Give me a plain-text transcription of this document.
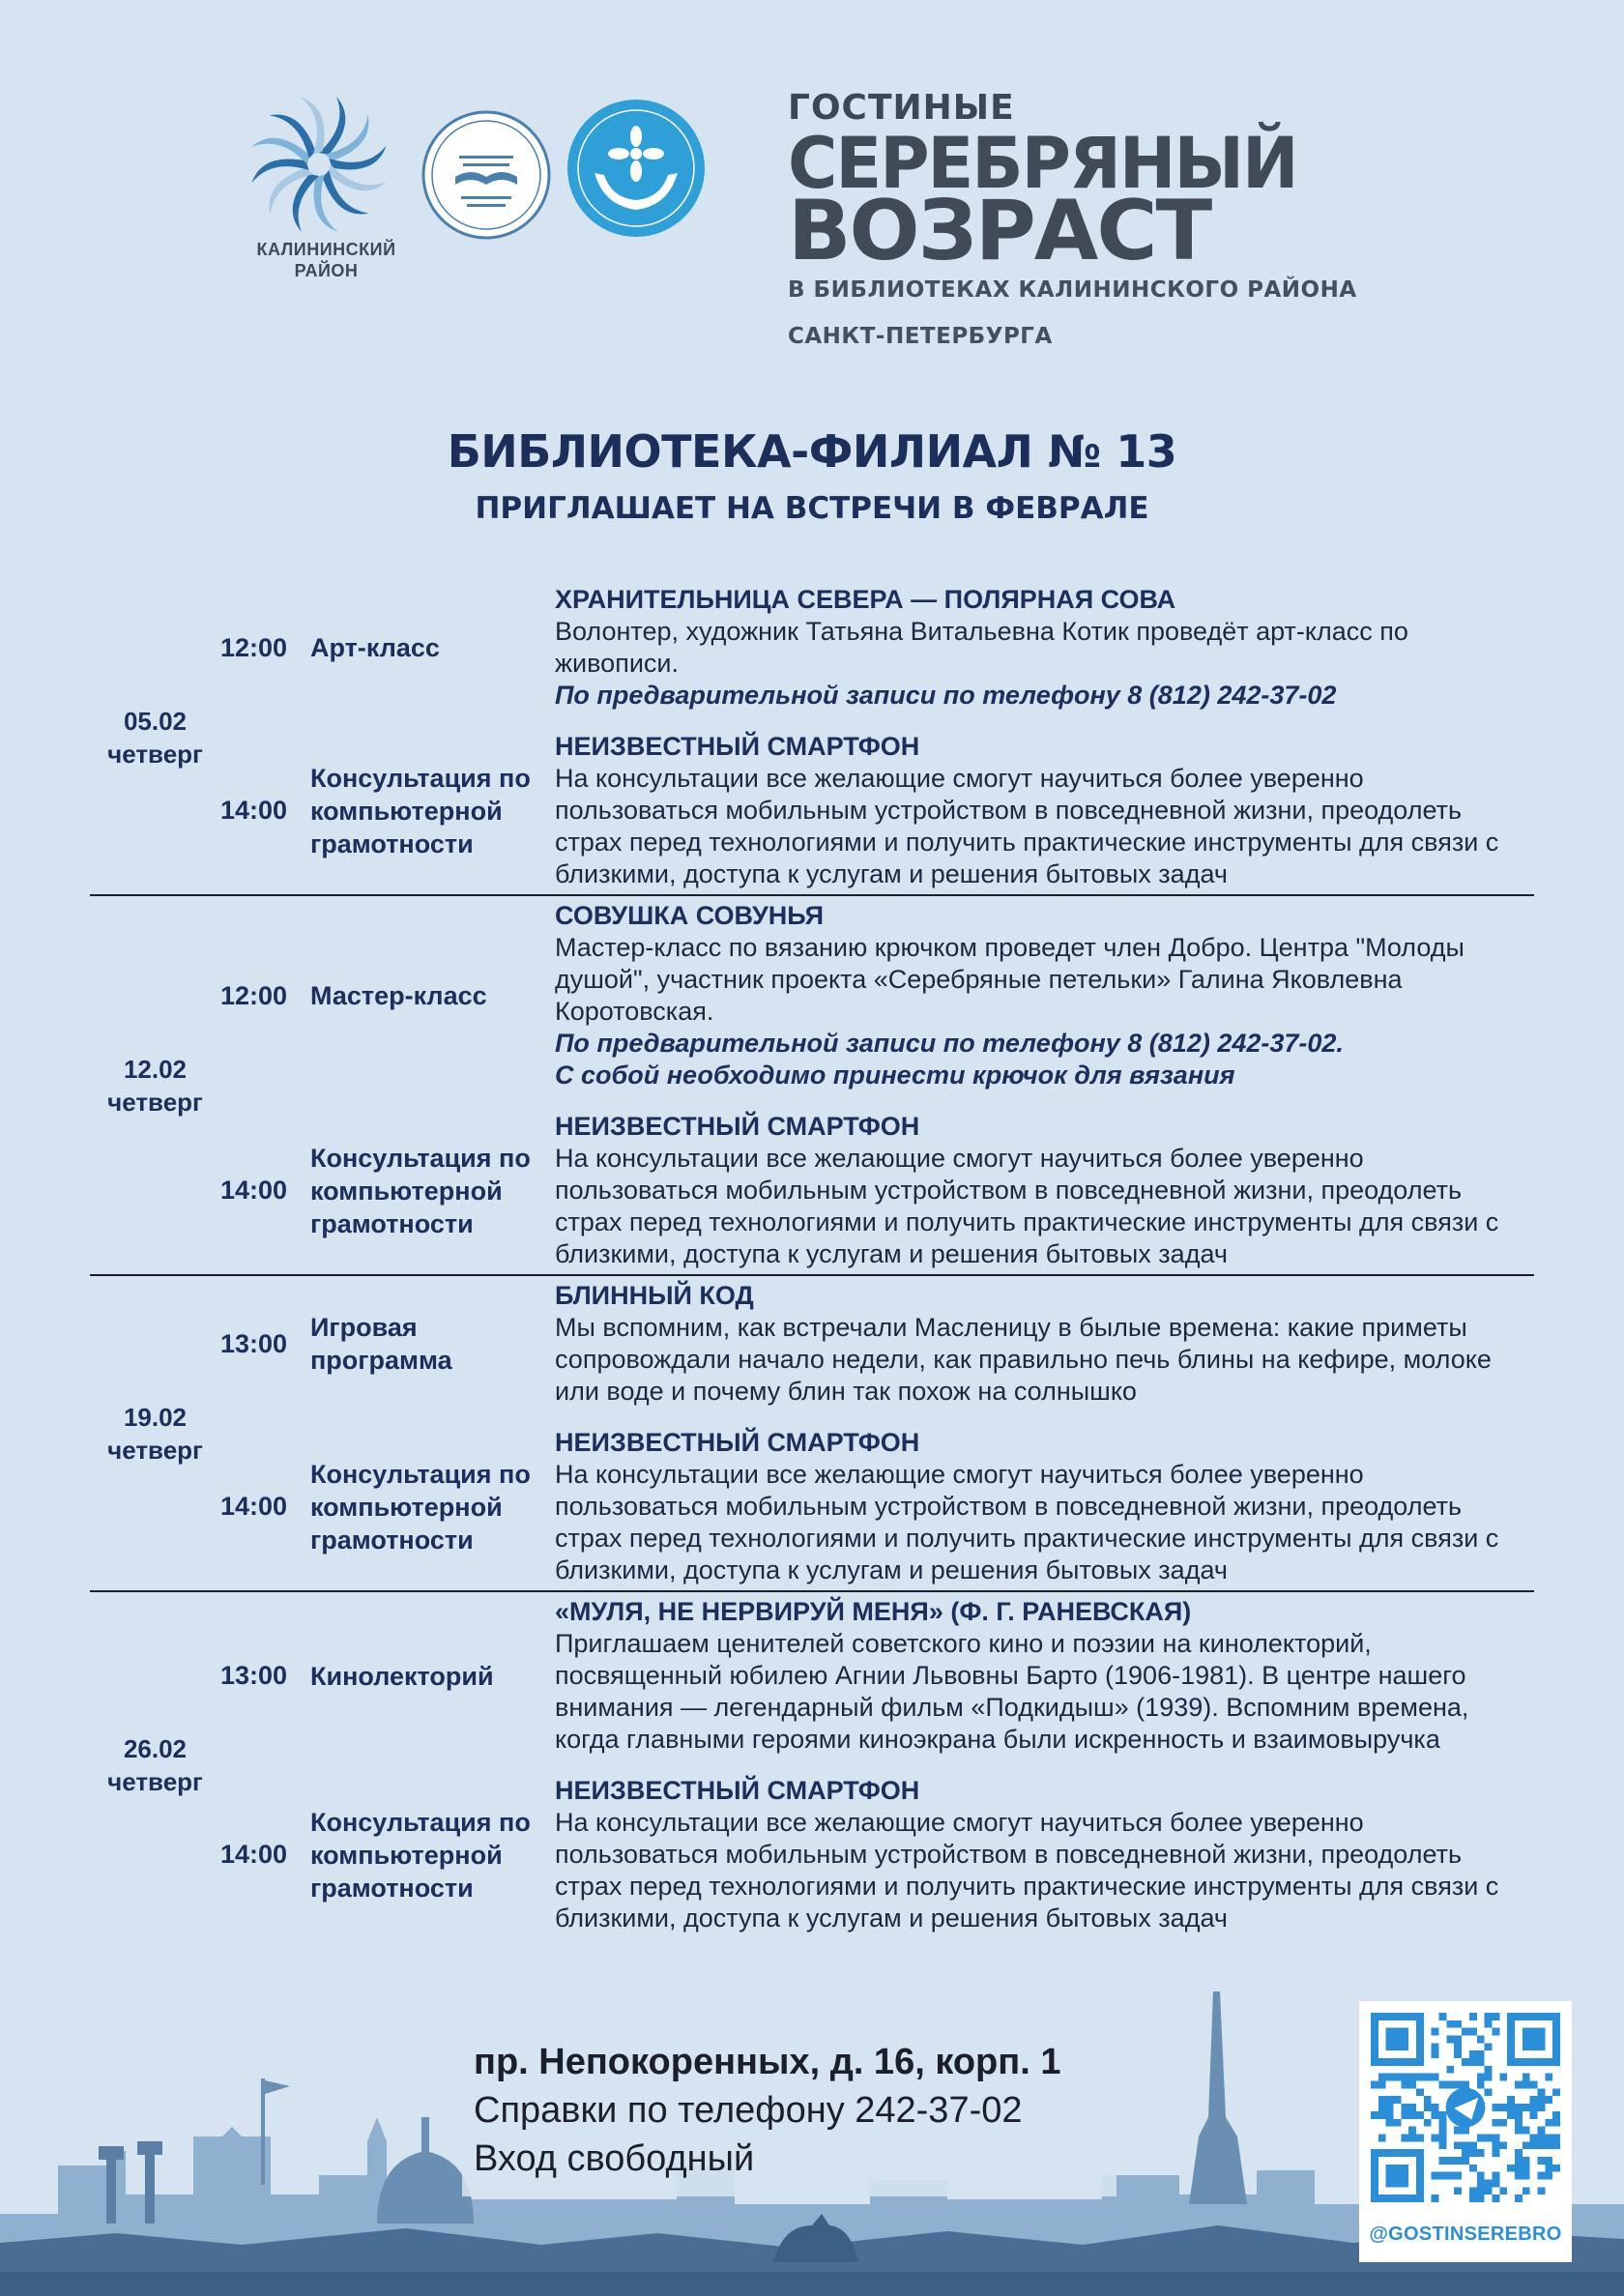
КАЛИНИНСКИЙ
РАЙОН
ГОСТИНЫЕ
СЕРЕБРЯНЫЙ
ВОЗРАСТ
В БИБЛИОТЕКАХ КАЛИНИНСКОГО РАЙОНА
САНКТ-ПЕТЕРБУРГА
БИБЛИОТЕКА-ФИЛИАЛ № 13
ПРИГЛАШАЕТ НА ВСТРЕЧИ В ФЕВРАЛЕ
05.02
четверг
12:00 Арт-класс
ХРАНИТЕЛЬНИЦА СЕВЕРА — ПОЛЯРНАЯ СОВА
Волонтер, художник Татьяна Витальевна Котик проведёт арт-класс по живописи.
По предварительной записи по телефону 8 (812) 242-37-02
14:00
Консультация по компьютерной грамотности
НЕИЗВЕСТНЫЙ СМАРТФОН
На консультации все желающие смогут научиться более уверенно пользоваться мобильным устройством в повседневной жизни, преодолеть страх перед технологиями и получить практические инструменты для связи с близкими, доступа к услугам и решения бытовых задач
12.02
четверг
12:00 Мастер-класс
СОВУШКА СОВУНЬЯ
Мастер-класс по вязанию крючком проведет член Добро. Центра "Молоды душой", участник проекта «Серебряные петельки» Галина Яковлевна Коротовская.
По предварительной записи по телефону 8 (812) 242-37-02.
С собой необходимо принести крючок для вязания
14:00
Консультация по компьютерной грамотности
НЕИЗВЕСТНЫЙ СМАРТФОН
На консультации все желающие смогут научиться более уверенно пользоваться мобильным устройством в повседневной жизни, преодолеть страх перед технологиями и получить практические инструменты для связи с близкими, доступа к услугам и решения бытовых задач
19.02
четверг
13:00
Игровая программа
БЛИННЫЙ КОД
Мы вспомним, как встречали Масленицу в былые времена: какие приметы сопровождали начало недели, как правильно печь блины на кефире, молоке или воде и почему блин так похож на солнышко
14:00
Консультация по компьютерной грамотности
НЕИЗВЕСТНЫЙ СМАРТФОН
На консультации все желающие смогут научиться более уверенно пользоваться мобильным устройством в повседневной жизни, преодолеть страх перед технологиями и получить практические инструменты для связи с близкими, доступа к услугам и решения бытовых задач
26.02
четверг
13:00 Кинолекторий
«МУЛЯ, НЕ НЕРВИРУЙ МЕНЯ» (Ф. Г. РАНЕВСКАЯ)
Приглашаем ценителей советского кино и поэзии на кинолекторий, посвященный юбилею Агнии Львовны Барто (1906-1981). В центре нашего внимания — легендарный фильм «Подкидыш» (1939). Вспомним времена, когда главными героями киноэкрана были искренность и взаимовыручка
14:00
Консультация по компьютерной грамотности
НЕИЗВЕСТНЫЙ СМАРТФОН
На консультации все желающие смогут научиться более уверенно пользоваться мобильным устройством в повседневной жизни, преодолеть страх перед технологиями и получить практические инструменты для связи с близкими, доступа к услугам и решения бытовых задач
пр. Непокоренных, д. 16, корп. 1
Справки по телефону 242-37-02
Вход свободный
@GOSTINSEREBRO
